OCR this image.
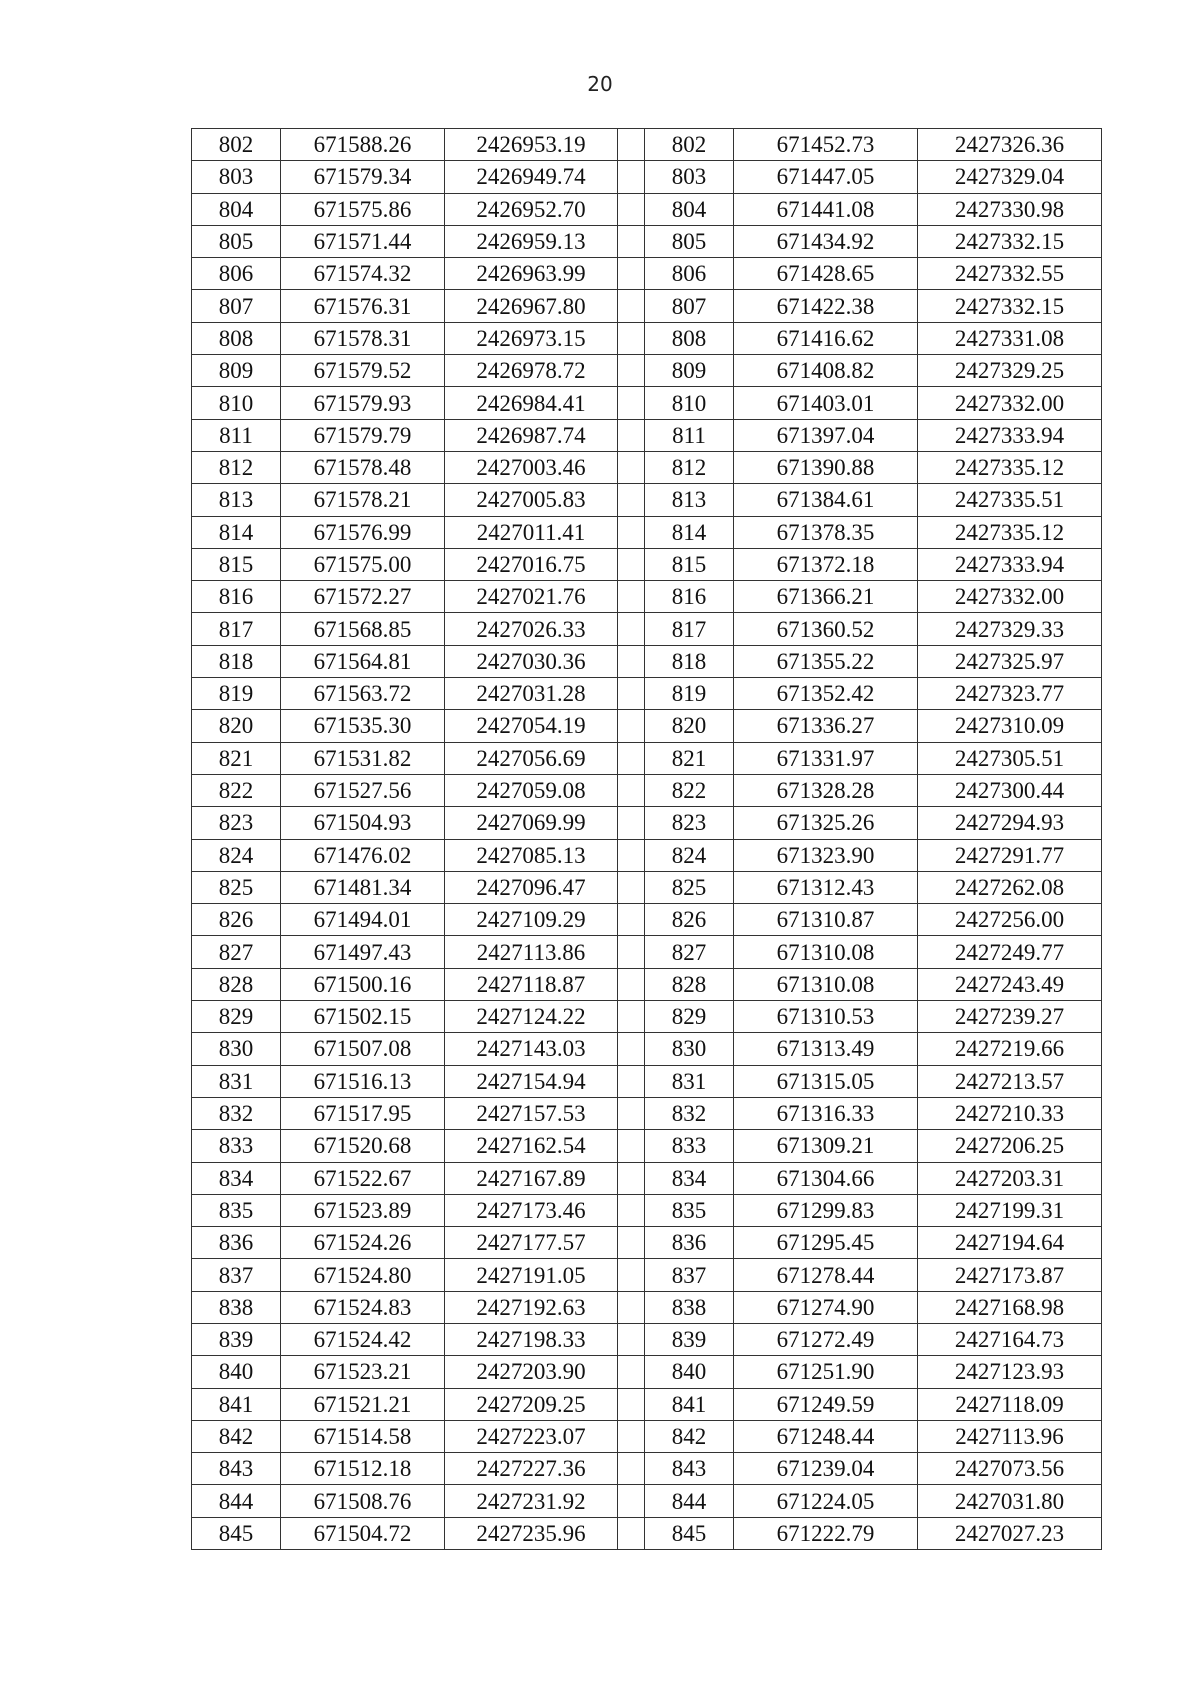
20
802	671588.26	2426953.19		802	671452.73	2427326.36
803	671579.34	2426949.74		803	671447.05	2427329.04
804	671575.86	2426952.70		804	671441.08	2427330.98
805	671571.44	2426959.13		805	671434.92	2427332.15
806	671574.32	2426963.99		806	671428.65	2427332.55
807	671576.31	2426967.80		807	671422.38	2427332.15
808	671578.31	2426973.15		808	671416.62	2427331.08
809	671579.52	2426978.72		809	671408.82	2427329.25
810	671579.93	2426984.41		810	671403.01	2427332.00
811	671579.79	2426987.74		811	671397.04	2427333.94
812	671578.48	2427003.46		812	671390.88	2427335.12
813	671578.21	2427005.83		813	671384.61	2427335.51
814	671576.99	2427011.41		814	671378.35	2427335.12
815	671575.00	2427016.75		815	671372.18	2427333.94
816	671572.27	2427021.76		816	671366.21	2427332.00
817	671568.85	2427026.33		817	671360.52	2427329.33
818	671564.81	2427030.36		818	671355.22	2427325.97
819	671563.72	2427031.28		819	671352.42	2427323.77
820	671535.30	2427054.19		820	671336.27	2427310.09
821	671531.82	2427056.69		821	671331.97	2427305.51
822	671527.56	2427059.08		822	671328.28	2427300.44
823	671504.93	2427069.99		823	671325.26	2427294.93
824	671476.02	2427085.13		824	671323.90	2427291.77
825	671481.34	2427096.47		825	671312.43	2427262.08
826	671494.01	2427109.29		826	671310.87	2427256.00
827	671497.43	2427113.86		827	671310.08	2427249.77
828	671500.16	2427118.87		828	671310.08	2427243.49
829	671502.15	2427124.22		829	671310.53	2427239.27
830	671507.08	2427143.03		830	671313.49	2427219.66
831	671516.13	2427154.94		831	671315.05	2427213.57
832	671517.95	2427157.53		832	671316.33	2427210.33
833	671520.68	2427162.54		833	671309.21	2427206.25
834	671522.67	2427167.89		834	671304.66	2427203.31
835	671523.89	2427173.46		835	671299.83	2427199.31
836	671524.26	2427177.57		836	671295.45	2427194.64
837	671524.80	2427191.05		837	671278.44	2427173.87
838	671524.83	2427192.63		838	671274.90	2427168.98
839	671524.42	2427198.33		839	671272.49	2427164.73
840	671523.21	2427203.90		840	671251.90	2427123.93
841	671521.21	2427209.25		841	671249.59	2427118.09
842	671514.58	2427223.07		842	671248.44	2427113.96
843	671512.18	2427227.36		843	671239.04	2427073.56
844	671508.76	2427231.92		844	671224.05	2427031.80
845	671504.72	2427235.96		845	671222.79	2427027.23
